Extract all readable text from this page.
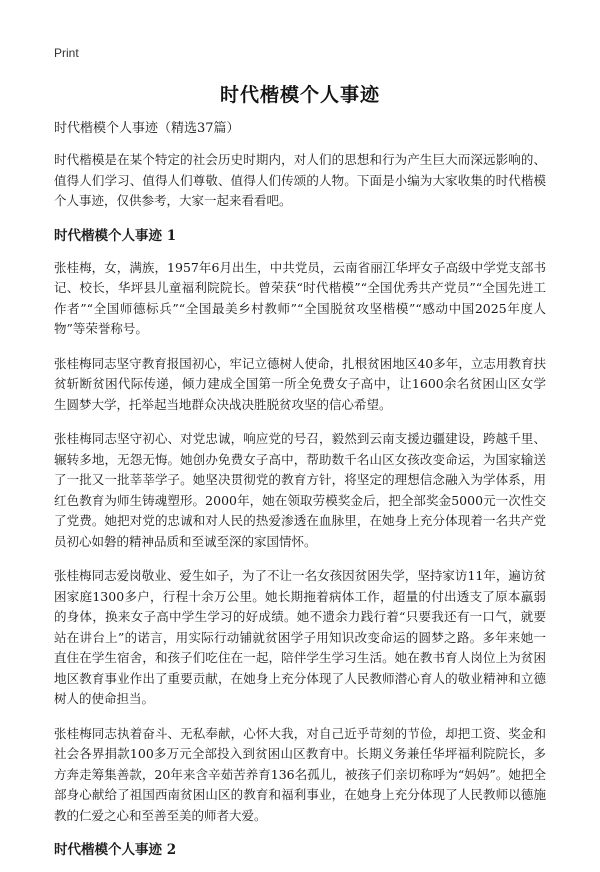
Print
时代楷模个人事迹

时代楷模个人事迹（精选37篇）

时代楷模是在某个特定的社会历史时期内，对人们的思想和行为产生巨大而深远影响的、值得人们学习、值得人们尊敬、值得人们传颂的人物。下面是小编为大家收集的时代楷模个人事迹，仅供参考，大家一起来看看吧。

时代楷模个人事迹 1

张桂梅，女，满族，1957年6月出生，中共党员，云南省丽江华坪女子高级中学党支部书记、校长，华坪县儿童福利院院长。曾荣获“时代楷模”“全国优秀共产党员”“全国先进工作者”“全国师德标兵”“全国最美乡村教师”“全国脱贫攻坚楷模”“感动中国2025年度人物”等荣誉称号。

张桂梅同志坚守教育报国初心，牢记立德树人使命，扎根贫困地区40多年，立志用教育扶贫斩断贫困代际传递，倾力建成全国第一所全免费女子高中，让1600余名贫困山区女学生圆梦大学，托举起当地群众决战决胜脱贫攻坚的信心希望。

张桂梅同志坚守初心、对党忠诚，响应党的号召，毅然到云南支援边疆建设，跨越千里、辗转多地，无怨无悔。她创办免费女子高中，帮助数千名山区女孩改变命运，为国家输送了一批又一批莘莘学子。她坚决贯彻党的教育方针，将坚定的理想信念融入为学体系，用红色教育为师生铸魂塑形。2000年，她在领取劳模奖金后，把全部奖金5000元一次性交了党费。她把对党的忠诚和对人民的热爱渗透在血脉里，在她身上充分体现着一名共产党员初心如磐的精神品质和至诚至深的家国情怀。

张桂梅同志爱岗敬业、爱生如子，为了不让一名女孩因贫困失学，坚持家访11年，遍访贫困家庭1300多户，行程十余万公里。她长期拖着病体工作，超量的付出透支了原本羸弱的身体，换来女子高中学生学习的好成绩。她不遗余力践行着“只要我还有一口气，就要站在讲台上”的诺言，用实际行动铺就贫困学子用知识改变命运的圆梦之路。多年来她一直住在学生宿舍，和孩子们吃住在一起，陪伴学生学习生活。她在教书育人岗位上为贫困地区教育事业作出了重要贡献，在她身上充分体现了人民教师潜心育人的敬业精神和立德树人的使命担当。

张桂梅同志执着奋斗、无私奉献，心怀大我，对自己近乎苛刻的节俭，却把工资、奖金和社会各界捐款100多万元全部投入到贫困山区教育中。长期义务兼任华坪福利院院长，多方奔走筹集善款，20年来含辛茹苦养育136名孤儿，被孩子们亲切称呼为“妈妈”。她把全部身心献给了祖国西南贫困山区的教育和福利事业，在她身上充分体现了人民教师以德施教的仁爱之心和至善至美的师者大爱。

时代楷模个人事迹 2
